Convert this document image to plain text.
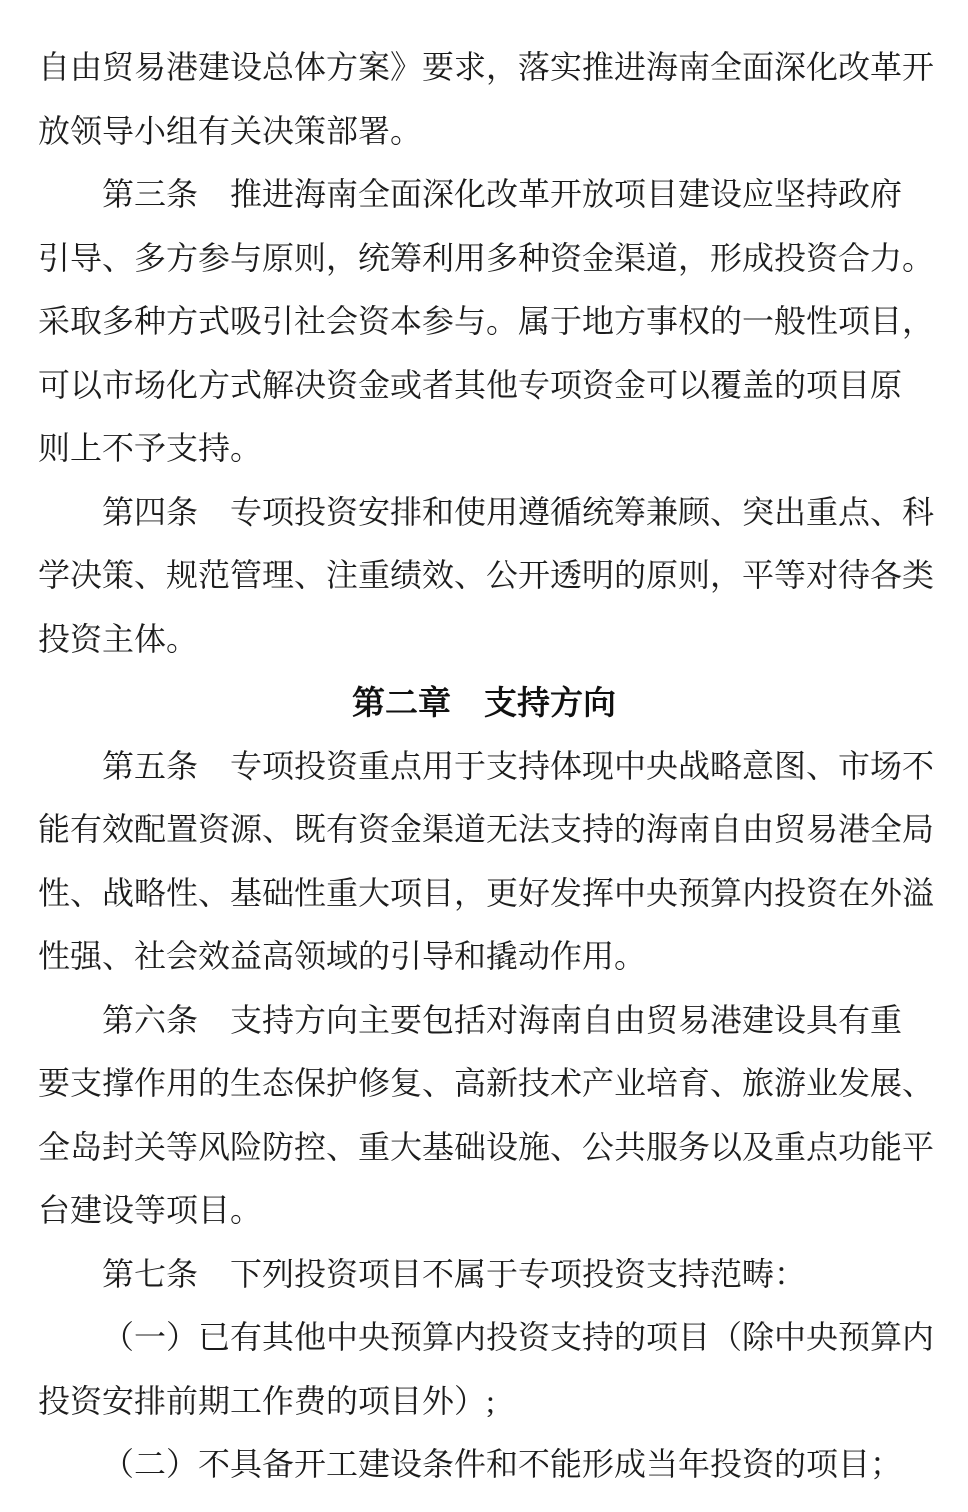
自由贸易港建设总体方案》要求，落实推进海南全面深化改革开
放领导小组有关决策部署。
第三条　推进海南全面深化改革开放项目建设应坚持政府
引导、多方参与原则，统筹利用多种资金渠道，形成投资合力。
采取多种方式吸引社会资本参与。属于地方事权的一般性项目，
可以市场化方式解决资金或者其他专项资金可以覆盖的项目原
则上不予支持。
第四条　专项投资安排和使用遵循统筹兼顾、突出重点、科
学决策、规范管理、注重绩效、公开透明的原则，平等对待各类
投资主体。
第二章　支持方向
第五条　专项投资重点用于支持体现中央战略意图、市场不
能有效配置资源、既有资金渠道无法支持的海南自由贸易港全局
性、战略性、基础性重大项目，更好发挥中央预算内投资在外溢
性强、社会效益高领域的引导和撬动作用。
第六条　支持方向主要包括对海南自由贸易港建设具有重
要支撑作用的生态保护修复、高新技术产业培育、旅游业发展、
全岛封关等风险防控、重大基础设施、公共服务以及重点功能平
台建设等项目。
第七条　下列投资项目不属于专项投资支持范畴：
（一）已有其他中央预算内投资支持的项目（除中央预算内
投资安排前期工作费的项目外）;
（二）不具备开工建设条件和不能形成当年投资的项目；
